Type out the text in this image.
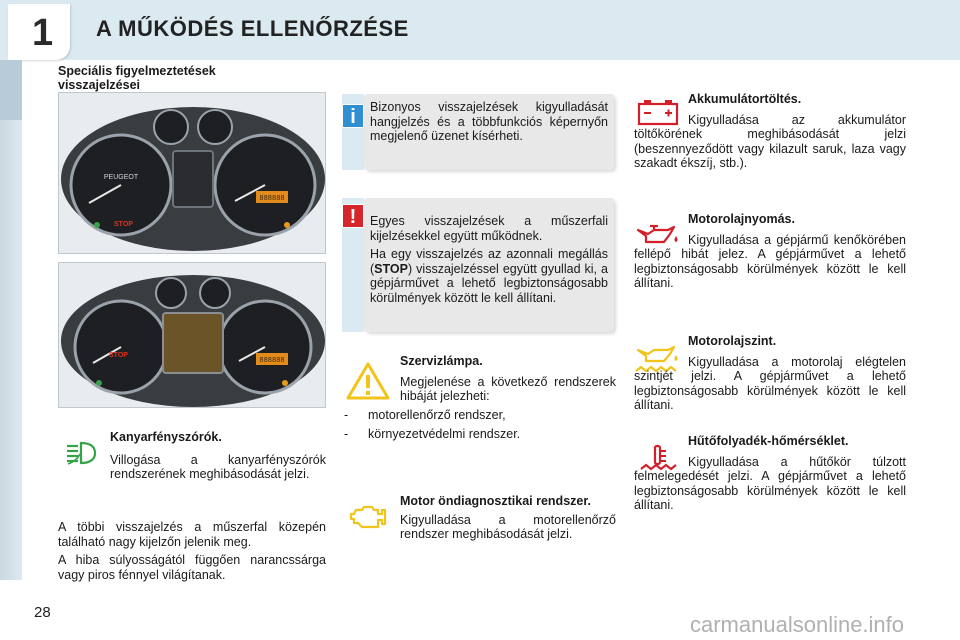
1 A MŰKÖDÉS ELLENŐRZÉSE
Speciális figyelmeztetések visszajelzései
PEUGEOT
STOP
888888
STOP
888888

Kanyarfényszórók.

Villogása a kanyarfényszórók rendszerének meghibásodását jelzi.

A többi visszajelzés a műszerfal közepén található nagy kijelzőn jelenik meg.

A hiba súlyosságától függően narancssárga vagy piros fénnyel világítanak.

i	Bizonyos visszajelzések kigyulladását hangjelzés és a többfunkciós képernyőn megjelenő üzenet kísérheti.
!	Egyes visszajelzések a műszerfali kijelzésekkel együtt működnek.

Ha egy visszajelzés az azonnali megállás (STOP) visszajelzéssel együtt gyullad ki, a gépjárművet a lehető legbiztonságosabb körülmények között le kell állítani.

Szervizlámpa.

Megjelenése a következő rendszerek hibáját jelezheti:

- motorellenőrző rendszer,

- környezetvédelmi rendszer.

Motor öndiagnosztikai rendszer.

Kigyulladása a motorellenőrző rendszer meghibásodását jelzi.

Akkumulátortöltés.

Kigyulladása az akkumulátor töltőkörének meghibásodását jelzi (beszennyeződött vagy kilazult saruk, laza vagy szakadt ékszíj, stb.).

Motorolajnyomás.

Kigyulladása a gépjármű kenőkörében fellépő hibát jelez. A gépjárművet a lehető legbiztonságosabb körülmények között le kell állítani.

Motorolajszint.

Kigyulladása a motorolaj elégtelen szintjét jelzi. A gépjárművet a lehető legbiztonságosabb körülmények között le kell állítani.

Hűtőfolyadék-hőmérséklet.

Kigyulladása a hűtőkör túlzott felmelegedését jelzi. A gépjárművet a lehető legbiztonságosabb körülmények között le kell állítani.

28	carmanualsonline.info
